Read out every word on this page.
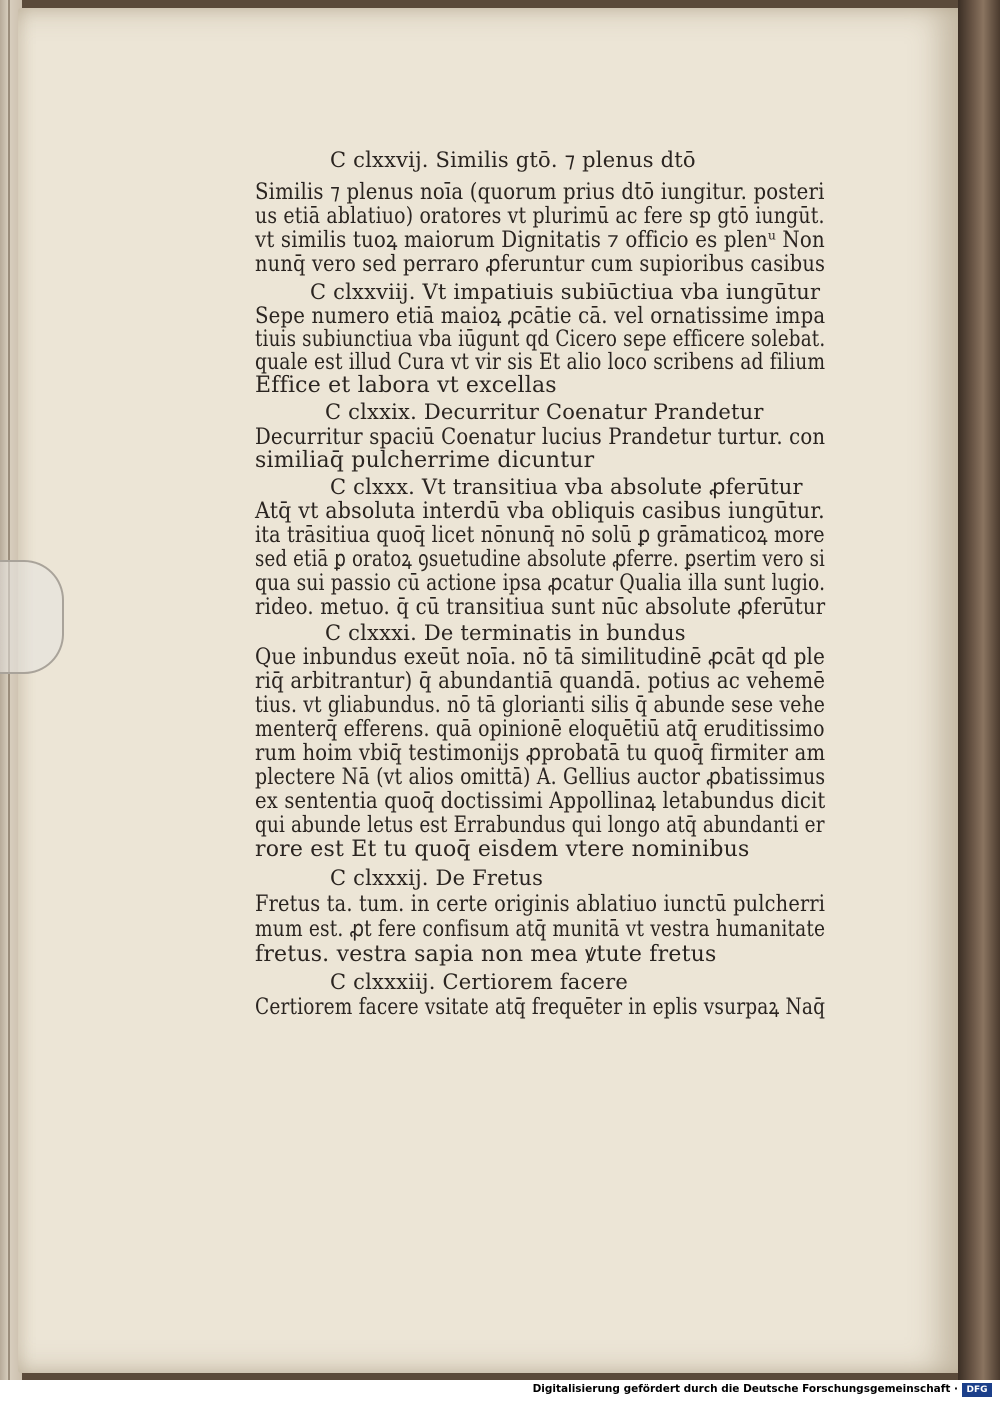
C clxxvij. Similis gtō. ⁊ plenus dtō
Similis ⁊ plenus noīa (quorum prius dtō iungitur. posteri
us etiā ablatiuo) oratores vt plurimū ac fere sp gtō iungūt.
vt similis tuoꝝ maiorum Dignitatis ⁊ officio es plenᵘ Non
nunq̄ vero sed perraro ꝓferuntur cum supioribus casibus
C clxxviij. Vt impatiuis subiūctiua vba iungūtur
Sepe numero etiā maioꝝ ꝓcātie cā. vel ornatissime impa
tiuis subiunctiua vba iūgunt qd Cicero sepe efficere solebat.
quale est illud Cura vt vir sis Et alio loco scribens ad filium
Effice et labora vt excellas
C clxxix. Decurritur Coenatur Prandetur
Decurritur spaciū Coenatur lucius Prandetur turtur. con
similiaq̄ pulcherrime dicuntur
C clxxx. Vt transitiua vba absolute ꝓferūtur
Atq̄ vt absoluta interdū vba obliquis casibus iungūtur.
ita trāsitiua quoq̄ licet nōnunq̄ nō solū ꝑ grāmaticoꝝ more
sed etiā ꝑ oratoꝝ ꝯsuetudine absolute ꝓferre. ꝑsertim vero si
qua sui passio cū actione ipsa ꝓcatur Qualia illa sunt lugio.
rideo. metuo. q̄ cū transitiua sunt nūc absolute ꝓferūtur
C clxxxi. De terminatis in bundus
Que inbundus exeūt noīa. nō tā similitudinē ꝓcāt qd ple
riq̄ arbitrantur) q̄ abundantiā quandā. potius ac vehemē
tius. vt gliabundus. nō tā glorianti silis q̄ abunde sese vehe
menterq̄ efferens. quā opinionē eloquētiū atq̄ eruditissimo
rum hoim vbiq̄ testimonijs ꝓprobatā tu quoq̄ firmiter am
plectere Nā (vt alios omittā) A. Gellius auctor ꝓbatissimus
ex sententia quoq̄ doctissimi Appollinaꝝ letabundus dicit
qui abunde letus est Errabundus qui longo atq̄ abundanti er
rore est Et tu quoq̄ eisdem vtere nominibus
C clxxxij. De Fretus
Fretus ta. tum. in certe originis ablatiuo iunctū pulcherri
mum est. ꝓt fere confisum atq̄ munitā vt vestra humanitate
fretus. vestra sapia non mea ꝟtute fretus
C clxxxiij. Certiorem facere
Certiorem facere vsitate atq̄ frequēter in eplis vsurpaꝝ Naq̄
Digitalisierung gefördert durch die Deutsche Forschungsgemeinschaft · DFG
